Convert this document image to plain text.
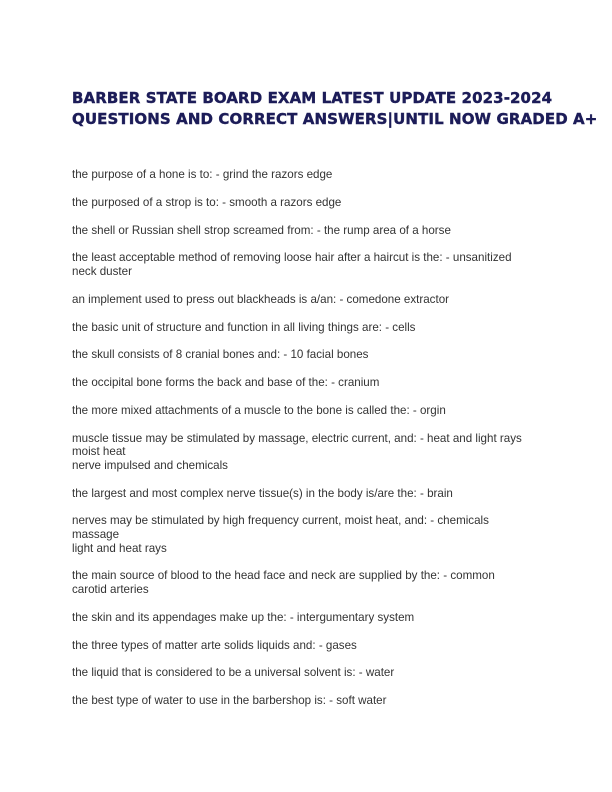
BARBER STATE BOARD EXAM LATEST UPDATE 2023-2024
QUESTIONS AND CORRECT ANSWERS|UNTIL NOW GRADED A+
the purpose of a hone is to: - grind the razors edge
the purposed of a strop is to: - smooth a razors edge
the shell or Russian shell strop screamed from: - the rump area of a horse
the least acceptable method of removing loose hair after a haircut is the: - unsanitized
neck duster
an implement used to press out blackheads is a/an: - comedone extractor
the basic unit of structure and function in all living things are: - cells
the skull consists of 8 cranial bones and: - 10 facial bones
the occipital bone forms the back and base of the: - cranium
the more mixed attachments of a muscle to the bone is called the: - orgin
muscle tissue may be stimulated by massage, electric current, and: - heat and light rays
moist heat
nerve impulsed and chemicals
the largest and most complex nerve tissue(s) in the body is/are the: - brain
nerves may be stimulated by high frequency current, moist heat, and: - chemicals
massage
light and heat rays
the main source of blood to the head face and neck are supplied by the: - common
carotid arteries
the skin and its appendages make up the: - intergumentary system
the three types of matter arte solids liquids and: - gases
the liquid that is considered to be a universal solvent is: - water
the best type of water to use in the barbershop is: - soft water
